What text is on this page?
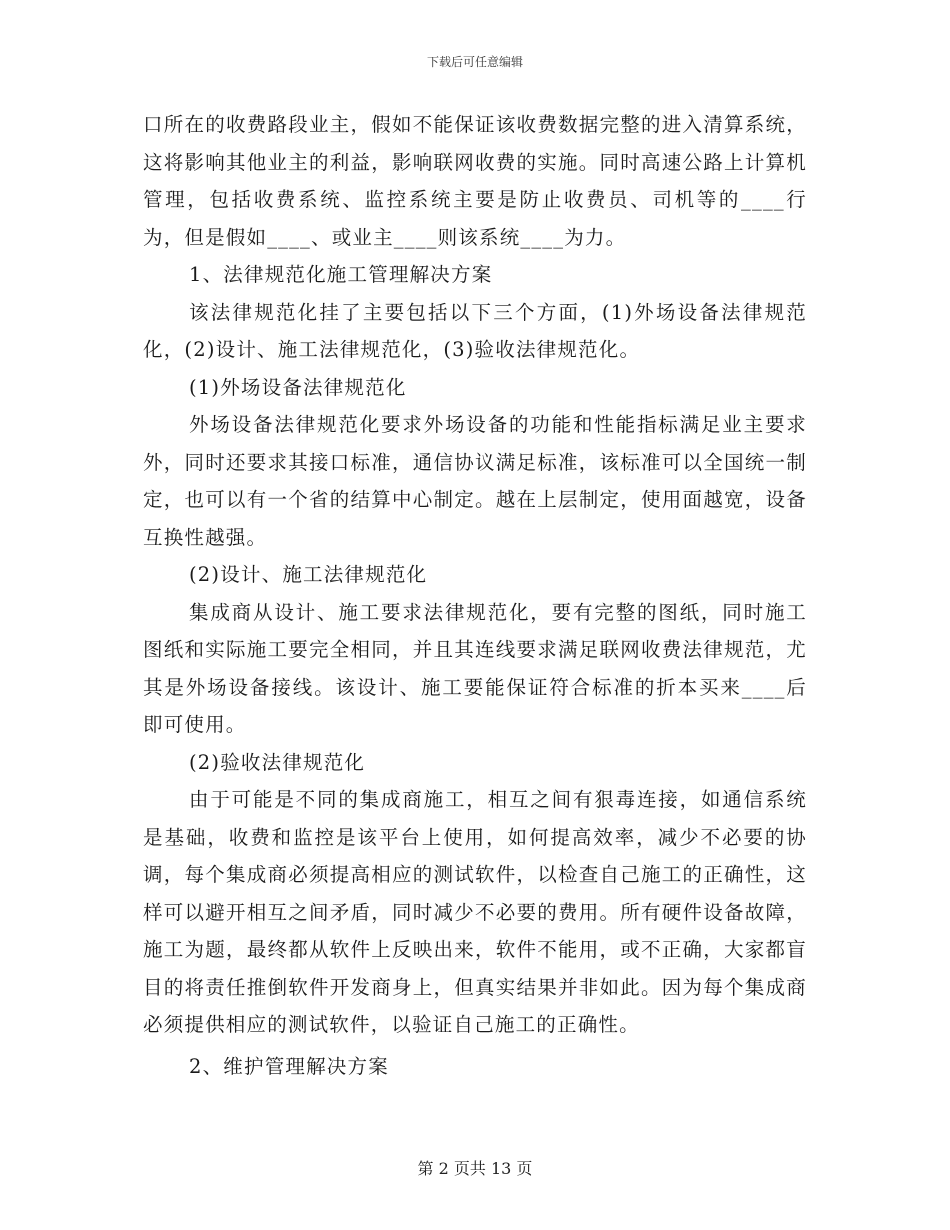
下载后可任意编辑

口所在的收费路段业主，假如不能保证该收费数据完整的进入清算系统，这将影响其他业主的利益，影响联网收费的实施。同时高速公路上计算机管理，包括收费系统、监控系统主要是防止收费员、司机等的____行为，但是假如____、或业主____则该系统____为力。

1、法律规范化施工管理解决方案

该法律规范化挂了主要包括以下三个方面，(1)外场设备法律规范化，(2)设计、施工法律规范化，(3)验收法律规范化。

(1)外场设备法律规范化

外场设备法律规范化要求外场设备的功能和性能指标满足业主要求外，同时还要求其接口标准，通信协议满足标准，该标准可以全国统一制定，也可以有一个省的结算中心制定。越在上层制定，使用面越宽，设备互换性越强。

(2)设计、施工法律规范化

集成商从设计、施工要求法律规范化，要有完整的图纸，同时施工图纸和实际施工要完全相同，并且其连线要求满足联网收费法律规范，尤其是外场设备接线。该设计、施工要能保证符合标准的折本买来____后即可使用。

(2)验收法律规范化

由于可能是不同的集成商施工，相互之间有狠毒连接，如通信系统是基础，收费和监控是该平台上使用，如何提高效率，减少不必要的协调，每个集成商必须提高相应的测试软件，以检查自己施工的正确性，这样可以避开相互之间矛盾，同时减少不必要的费用。所有硬件设备故障，施工为题，最终都从软件上反映出来，软件不能用，或不正确，大家都盲目的将责任推倒软件开发商身上，但真实结果并非如此。因为每个集成商必须提供相应的测试软件，以验证自己施工的正确性。

2、维护管理解决方案

第 2 页共 13 页
